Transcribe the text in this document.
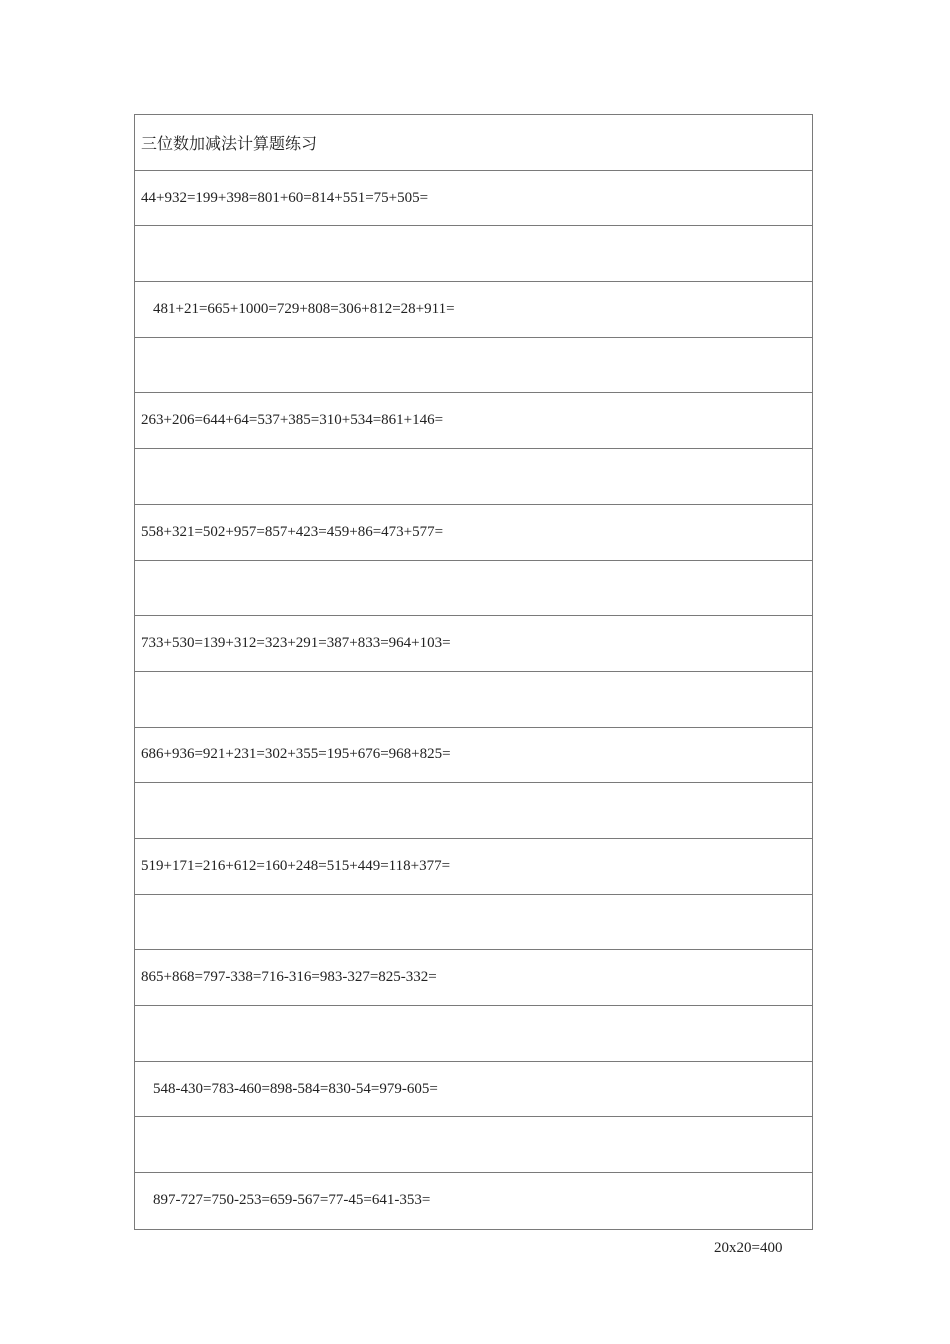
三位数加减法计算题练习
44+932=199+398=801+60=814+551=75+505=
481+21=665+1000=729+808=306+812=28+911=
263+206=644+64=537+385=310+534=861+146=
558+321=502+957=857+423=459+86=473+577=
733+530=139+312=323+291=387+833=964+103=
686+936=921+231=302+355=195+676=968+825=
519+171=216+612=160+248=515+449=118+377=
865+868=797-338=716-316=983-327=825-332=
548-430=783-460=898-584=830-54=979-605=
897-727=750-253=659-567=77-45=641-353=
20x20=400
